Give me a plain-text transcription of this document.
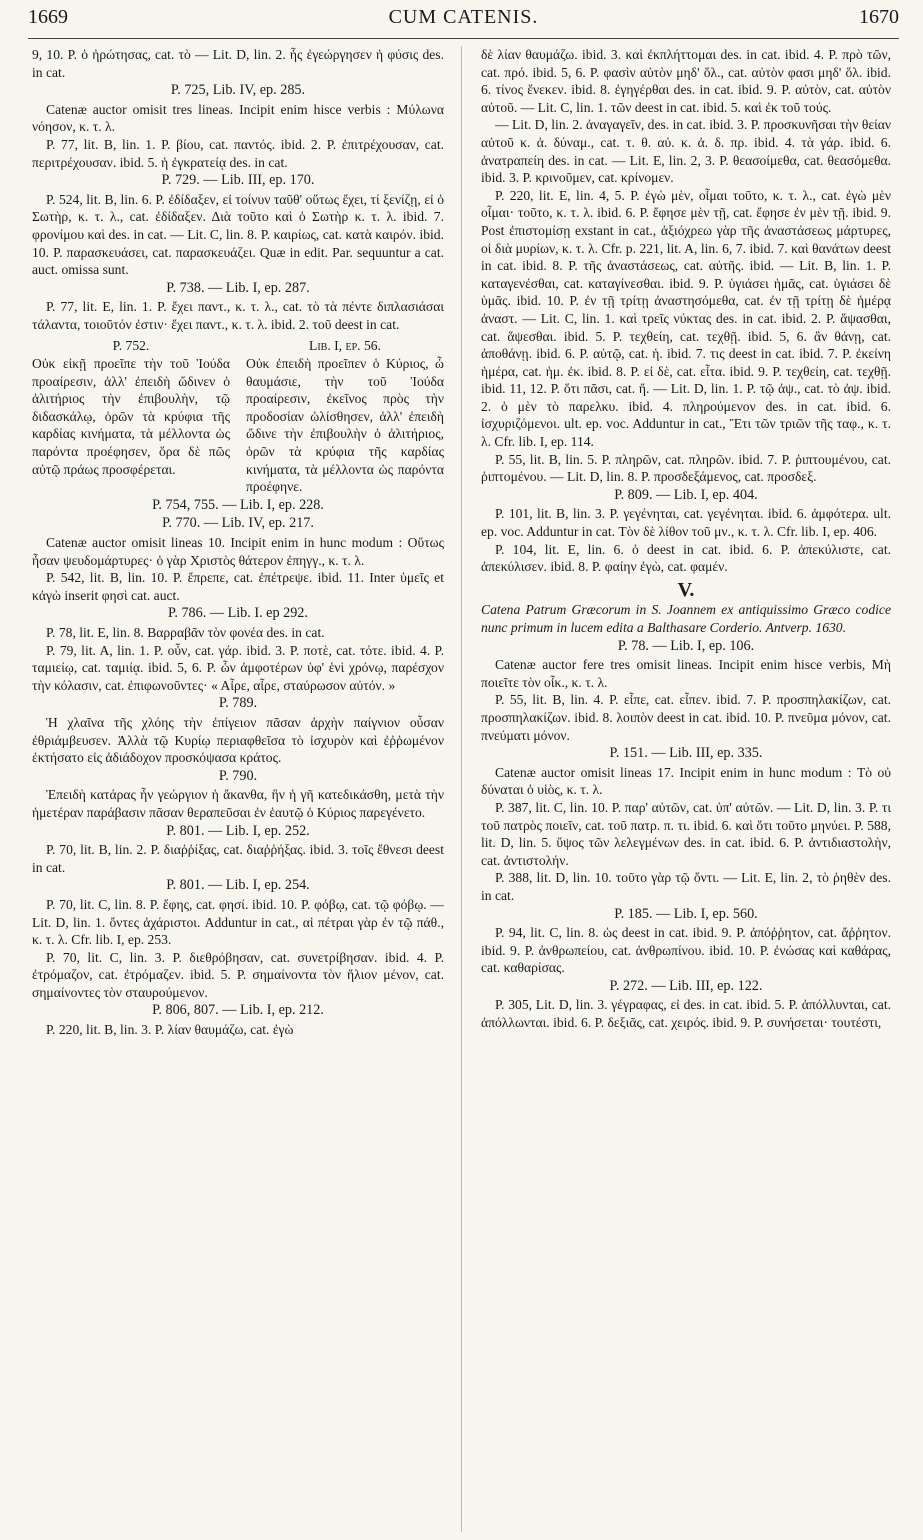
1669	CUM CATENIS.	1670

9, 10. P. ὁ ἠρώτησας, cat. τὸ — Lit. D, lin. 2. ἧς ἐγεώργησεν ἡ φύσις des. in cat.

P. 725, Lib. IV, ep. 285.

Catenæ auctor omisit tres lineas. Incipit enim hisce verbis : Μύλωνα νόησον, κ. τ. λ.

P. 77, lit. B, lin. 1. P. βίου, cat. παντός. ibid. 2. P. ἐπιτρέχουσαν, cat. περιτρέχουσαν. ibid. 5. ἡ ἐγκρατείᾳ des. in cat.

P. 729. — Lib. III, ep. 170.

P. 524, lit. B, lin. 6. P. ἐδίδαξεν, εἰ τοίνυν ταῦθ' οὕτως ἔχει, τί ξενίζῃ, εἰ ὁ Σωτὴρ, κ. τ. λ., cat. ἐδίδαξεν. Διὰ τοῦτο καὶ ὁ Σωτὴρ κ. τ. λ. ibid. 7. φρονίμου καὶ des. in cat. — Lit. C, lin. 8. P. καιρίως, cat. κατὰ καιρόν. ibid. 10. P. παρασκευάσει, cat. παρασκευάζει. Quæ in edit. Par. sequuntur a cat. auct. omissa sunt.

P. 738. — Lib. I, ep. 287.

P. 77, lit. E, lin. 1. P. ἔχει παντ., κ. τ. λ., cat. τὸ τὰ πέντε διπλασιάσαι τάλαντα, τοιοῦτόν ἐστιν· ἔχει παντ., κ. τ. λ. ibid. 2. τοῦ deest in cat.

P. 752.

Οὐκ εἰκῇ προεῖπε τὴν τοῦ Ἰούδα προαίρεσιν, ἀλλ' ἐπειδὴ ὤδινεν ὁ ἀλιτήριος τὴν ἐπιβουλὴν, τῷ διδασκάλῳ, ὁρῶν τὰ κρύφια τῆς καρδίας κινήματα, τὰ μέλλοντα ὡς παρόντα προέφησεν, ὅρα δὲ πῶς αὐτῷ πράως προσφέρεται.

Lib. I, ep. 56.

Οὐκ ἐπειδὴ προεῖπεν ὁ Κύριος, ὦ θαυμάσιε, τὴν τοῦ Ἰούδα προαίρεσιν, ἐκεῖνος πρὸς τὴν προδοσίαν ὠλίσθησεν, ἀλλ' ἐπειδὴ ὤδινε τὴν ἐπιβουλὴν ὁ ἀλιτήριος, ὁρῶν τὰ κρύφια τῆς καρδίας κινήματα, τὰ μέλλοντα ὡς παρόντα προέφηνε.

P. 754, 755. — Lib. I, ep. 228.

P. 770. — Lib. IV, ep. 217.

Catenæ auctor omisit lineas 10. Incipit enim in hunc modum : Οὕτως ἦσαν ψευδομάρτυρες· ὁ γὰρ Χριστὸς θάτερον ἐπηγγ., κ. τ. λ.

P. 542, lit. B, lin. 10. P. ἔπρεπε, cat. ἐπέτρεψε. ibid. 11. Inter ὑμεῖς et κἀγὼ inserit φησὶ cat. auct.

P. 786. — Lib. I. ep 292.

P. 78, lit. E, lin. 8. Βαρραβᾶν τὸν φονέα des. in cat.

P. 79, lit. A, lin. 1. P. οὖν, cat. γάρ. ibid. 3. P. ποτὲ, cat. τότε. ibid. 4. P. ταμιείῳ, cat. ταμιίᾳ. ibid. 5, 6. P. ὧν ἀμφοτέρων ὑφ' ἑνὶ χρόνῳ, παρέσχον τὴν κόλασιν, cat. ἐπιφωνοῦντες· « Αἶρε, αἶρε, σταύρωσον αὐτόν. »

P. 789.

Ἡ χλαῖνα τῆς χλόης τὴν ἐπίγειον πᾶσαν ἀρχὴν παίγνιον οὖσαν ἐθριάμβευσεν. Ἀλλὰ τῷ Κυρίῳ περιαφθεῖσα τὸ ἰσχυρὸν καὶ ἐῤῥωμένον ἐκτήσατο εἰς ἀδιάδοχον προσκόψασα κράτος.

P. 790.

Ἐπειδὴ κατάρας ἦν γεώργιον ἡ ἄκανθα, ἣν ἡ γῆ κατεδικάσθη, μετὰ τὴν ἡμετέραν παράβασιν πᾶσαν θεραπεῦσαι ἐν ἑαυτῷ ὁ Κύριος παρεγένετο.

P. 801. — Lib. I, ep. 252.

P. 70, lit. B, lin. 2. P. διαῤῥίξας, cat. διαῤῥήξας. ibid. 3. τοῖς ἔθνεσι deest in cat.

P. 801. — Lib. I, ep. 254.

P. 70, lit. C, lin. 8. P. ἔφης, cat. φησί. ibid. 10. P. φόβῳ, cat. τῷ φόβῳ. — Lit. D, lin. 1. ὄντες ἀχάριστοι. Adduntur in cat., αἱ πέτραι γὰρ ἐν τῷ πάθ., κ. τ. λ. Cfr. lib. I, ep. 253.

P. 70, lit. C, lin. 3. P. διεθρόβησαν, cat. συνετρίβησαν. ibid. 4. P. ἐτρόμαζον, cat. ἐτρόμαζεν. ibid. 5. P. σημαίνοντα τὸν ἥλιον μένον, cat. σημαίνοντες τὸν σταυρούμενον.

P. 806, 807. — Lib. I, ep. 212.

P. 220, lit. B, lin. 3. P. λίαν θαυμάζω, cat. ἐγὼ

δὲ λίαν θαυμάζω. ibid. 3. καὶ ἐκπλήττομαι des. in cat. ibid. 4. P. πρὸ τῶν, cat. πρό. ibid. 5, 6. P. φασὶν αὐτὸν μηδ' ὅλ., cat. αὐτὸν φασι μηδ' ὅλ. ibid. 6. τίνος ἕνεκεν. ibid. 8. ἐγηγέρθαι des. in cat. ibid. 9. P. αὐτὸν, cat. αὐτὸν αὐτοῦ. — Lit. C, lin. 1. τῶν deest in cat. ibid. 5. καὶ ἐκ τοῦ τούς.

— Lit. D, lin. 2. ἀναγαγεῖν, des. in cat. ibid. 3. P. προσκυνῆσαι τὴν θείαν αὐτοῦ κ. ἀ. δύναμ., cat. τ. θ. αὐ. κ. ἀ. δ. πρ. ibid. 4. τὰ γάρ. ibid. 6. ἀνατραπείη des. in cat. — Lit. E, lin. 2, 3. P. θεασοίμεθα, cat. θεασόμεθα. ibid. 3. P. κρινοῦμεν, cat. κρίνομεν.

P. 220, lit. E, lin. 4, 5. P. ἐγὼ μὲν, οἶμαι τοῦτο, κ. τ. λ., cat. ἐγὼ μὲν οἶμαι· τοῦτο, κ. τ. λ. ibid. 6. P. ἔφησε μὲν τῇ, cat. ἔφησε ἐν μὲν τῇ. ibid. 9. Post ἐπιστομίσῃ exstant in cat., ἀξιόχρεω γὰρ τῆς ἀναστάσεως μάρτυρες, οἱ διὰ μυρίων, κ. τ. λ. Cfr. p. 221, lit. A, lin. 6, 7. ibid. 7. καὶ θανάτων deest in cat. ibid. 8. P. τῆς ἀναστάσεως, cat. αὐτῆς. ibid. — Lit. B, lin. 1. P. καταγενέσθαι, cat. καταγίνεσθαι. ibid. 9. P. ὑγιάσει ἡμᾶς, cat. ὑγιάσει δὲ ὑμᾶς. ibid. 10. P. ἐν τῇ τρίτῃ ἀναστησόμεθα, cat. ἐν τῇ τρίτῃ δὲ ἡμέρᾳ ἀναστ. — Lit. C, lin. 1. καὶ τρεῖς νύκτας des. in cat. ibid. 2. P. ἅψασθαι, cat. ἅψεσθαι. ibid. 5. P. τεχθείη, cat. τεχθῇ. ibid. 5, 6. ἂν θάνῃ, cat. ἀποθάνῃ. ibid. 6. P. αὐτῷ, cat. ἡ. ibid. 7. τις deest in cat. ibid. 7. P. ἐκείνη ἡμέρα, cat. ἡμ. ἐκ. ibid. 8. P. εἰ δὲ, cat. εἶτα. ibid. 9. P. τεχθείη, cat. τεχθῇ. ibid. 11, 12. P. ὅτι πᾶσι, cat. ἤ. — Lit. D, lin. 1. P. τῷ ἀψ., cat. τὸ ἀψ. ibid. 2. ὁ μὲν τὸ παρελκυ. ibid. 4. πληρούμενον des. in cat. ibid. 6. ἰσχυριζόμενοι. ult. ep. voc. Adduntur in cat., Ἔτι τῶν τριῶν τῆς ταφ., κ. τ. λ. Cfr. lib. I, ep. 114.

P. 55, lit. B, lin. 5. P. πληρῶν, cat. πληρῶν. ibid. 7. P. ῥιπτουμένου, cat. ῥιπτομένου. — Lit. D, lin. 8. P. προσδεξάμενος, cat. προσδεξ.

P. 809. — Lib. I, ep. 404.

P. 101, lit. B, lin. 3. P. γεγένηται, cat. γεγένηται. ibid. 6. ἀμφότερα. ult. ep. voc. Adduntur in cat. Τὸν δὲ λίθον τοῦ μν., κ. τ. λ. Cfr. lib. I, ep. 406.

P. 104, lit. E, lin. 6. ὁ deest in cat. ibid. 6. P. ἀπεκύλιστε, cat. ἀπεκύλισεν. ibid. 8. P. φαίην ἐγὼ, cat. φαμέν.

V.

Catena Patrum Græcorum in S. Joannem ex antiquissimo Græco codice nunc primum in lucem edita a Balthasare Corderio. Antverp. 1630.

P. 78. — Lib. I, ep. 106.

Catenæ auctor fere tres omisit lineas. Incipit enim hisce verbis, Μὴ ποιεῖτε τὸν οἶκ., κ. τ. λ.

P. 55, lit. B, lin. 4. P. εἶπε, cat. εἶπεν. ibid. 7. P. προσπηλακίζων, cat. προσπηλακίζων. ibid. 8. λοιπὸν deest in cat. ibid. 10. P. πνεῦμα μόνον, cat. πνεύματι μόνον.

P. 151. — Lib. III, ep. 335.

Catenæ auctor omisit lineas 17. Incipit enim in hunc modum : Τὸ οὐ δύναται ὁ υἱὸς, κ. τ. λ.

P. 387, lit. C, lin. 10. P. παρ' αὐτῶν, cat. ὑπ' αὐτῶν. — Lit. D, lin. 3. P. τι τοῦ πατρὸς ποιεῖν, cat. τοῦ πατρ. π. τι. ibid. 6. καὶ ὅτι τοῦτο μηνύει. P. 588, lit. D, lin. 5. ὕψος τῶν λελεγμένων des. in cat. ibid. 6. P. ἀντιδιαστολὴν, cat. ἀντιστολήν.

P. 388, lit. D, lin. 10. τοῦτο γὰρ τῷ ὄντι. — Lit. E, lin. 2, τὸ ῥηθὲν des. in cat.

P. 185. — Lib. I, ep. 560.

P. 94, lit. C, lin. 8. ὡς deest in cat. ibid. 9. P. ἀπόῤῥητον, cat. ἄῤῥητον. ibid. 9. P. ἀνθρωπείου, cat. ἀνθρωπίνου. ibid. 10. P. ἐνώσας καὶ καθάρας, cat. καθαρίσας.

P. 272. — Lib. III, ep. 122.

P. 305, Lit. D, lin. 3. γέγραφας, εἰ des. in cat. ibid. 5. P. ἀπόλλυνται, cat. ἀπόλλωνται. ibid. 6. P. δεξιᾶς, cat. χειρός. ibid. 9. P. συνήσεται· τουτέστι,
